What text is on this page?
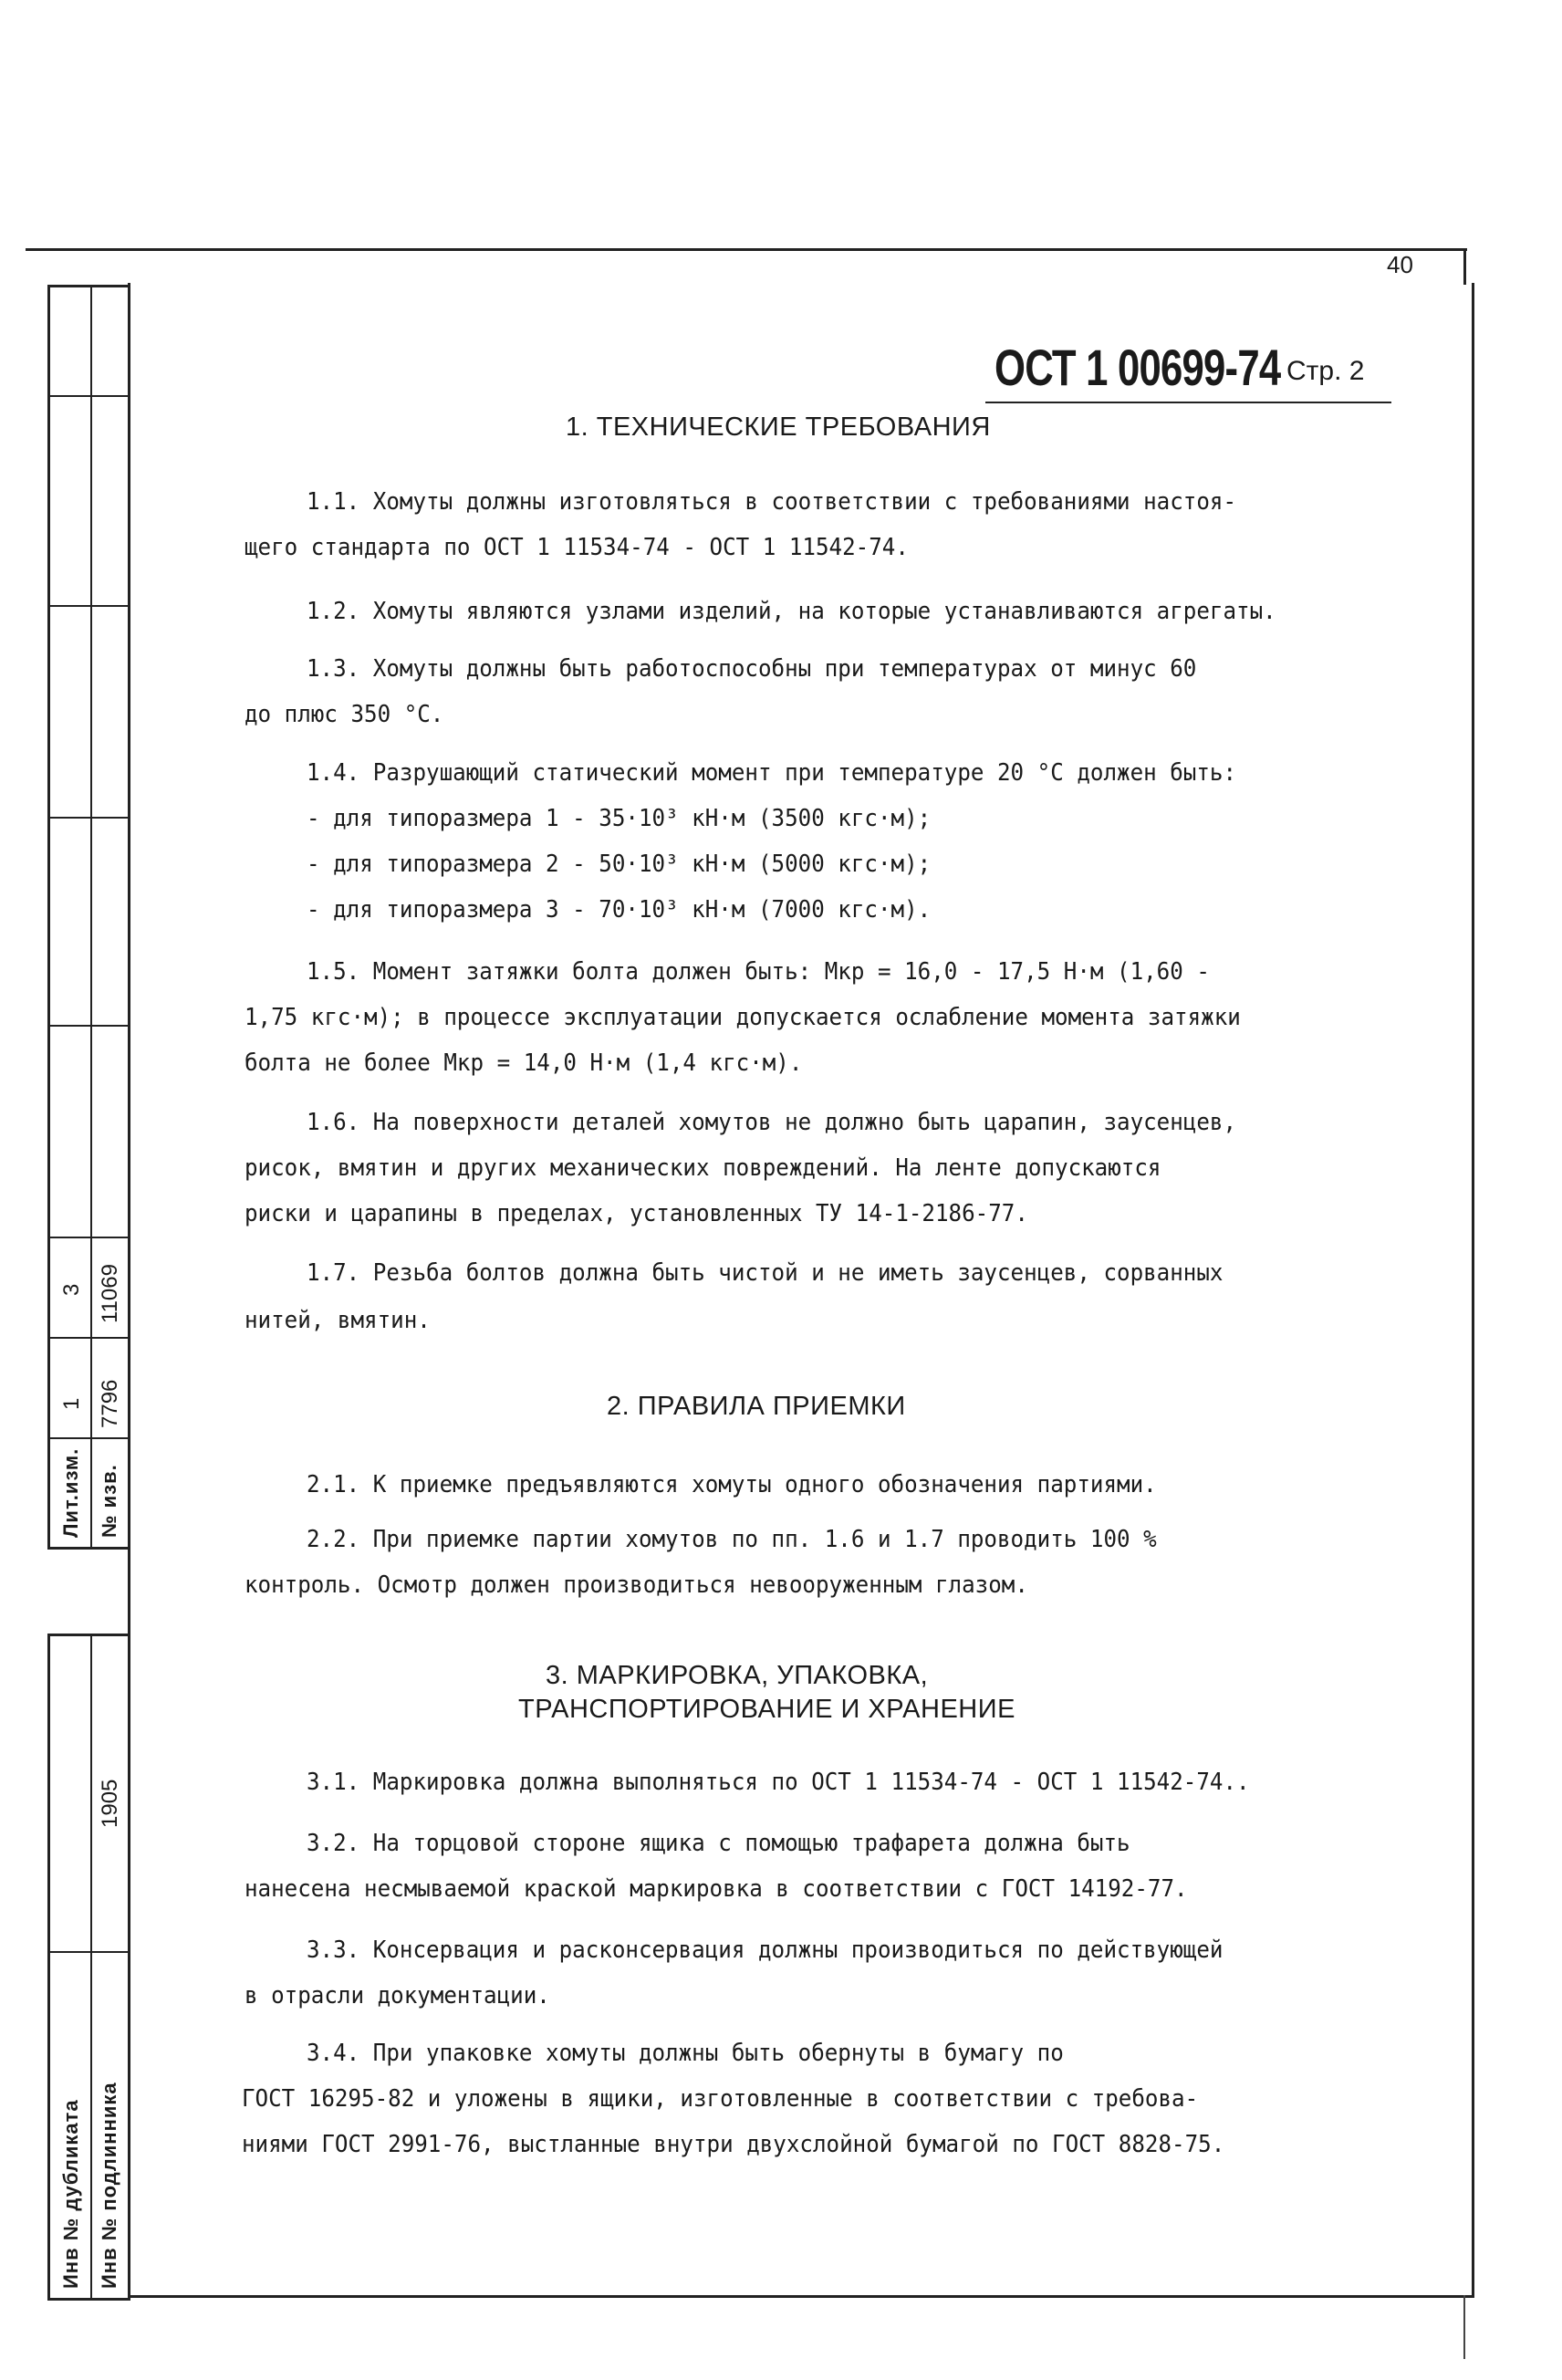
40
3 11069
1 7796
Лит.изм. № изв.
1905
Инв № дубликата Инв № подлинника
ОСТ 1 00699-74 Стр. 2
1. ТЕХНИЧЕСКИЕ ТРЕБОВАНИЯ
1.1. Хомуты должны изготовляться в соответствии с требованиями настоя-
щего стандарта по ОСТ 1 11534-74 - ОСТ 1 11542-74.
1.2. Хомуты являются узлами изделий, на которые устанавливаются агрегаты.
1.3. Хомуты должны быть работоспособны при температурах от минус 60
до плюс 350 °С.
1.4. Разрушающий статический момент при температуре 20 °С должен быть:
- для типоразмера 1 - 35·10³ кН·м (3500 кгс·м);
- для типоразмера 2 - 50·10³ кН·м (5000 кгс·м);
- для типоразмера 3 - 70·10³ кН·м (7000 кгс·м).
1.5. Момент затяжки болта должен быть: Мкр = 16,0 - 17,5 Н·м (1,60 -
1,75 кгс·м); в процессе эксплуатации допускается ослабление момента затяжки
болта не более Мкр = 14,0 Н·м (1,4 кгс·м).
1.6. На поверхности деталей хомутов не должно быть царапин, заусенцев,
рисок, вмятин и других механических повреждений. На ленте допускаются
риски и царапины в пределах, установленных ТУ 14-1-2186-77.
1.7. Резьба болтов должна быть чистой и не иметь заусенцев, сорванных
нитей, вмятин.
2. ПРАВИЛА ПРИЕМКИ
2.1. К приемке предъявляются хомуты одного обозначения партиями.
2.2. При приемке партии хомутов по пп. 1.6 и 1.7 проводить 100 %
контроль. Осмотр должен производиться невооруженным глазом.
3. МАРКИРОВКА, УПАКОВКА,
ТРАНСПОРТИРОВАНИЕ И ХРАНЕНИЕ
3.1. Маркировка должна выполняться по ОСТ 1 11534-74 - ОСТ 1 11542-74..
3.2. На торцовой стороне ящика с помощью трафарета должна быть
нанесена несмываемой краской маркировка в соответствии с ГОСТ 14192-77.
3.3. Консервация и расконсервация должны производиться по действующей
в отрасли документации.
3.4. При упаковке хомуты должны быть обернуты в бумагу по
ГОСТ 16295-82 и уложены в ящики, изготовленные в соответствии с требова-
ниями ГОСТ 2991-76, выстланные внутри двухслойной бумагой по ГОСТ 8828-75.
